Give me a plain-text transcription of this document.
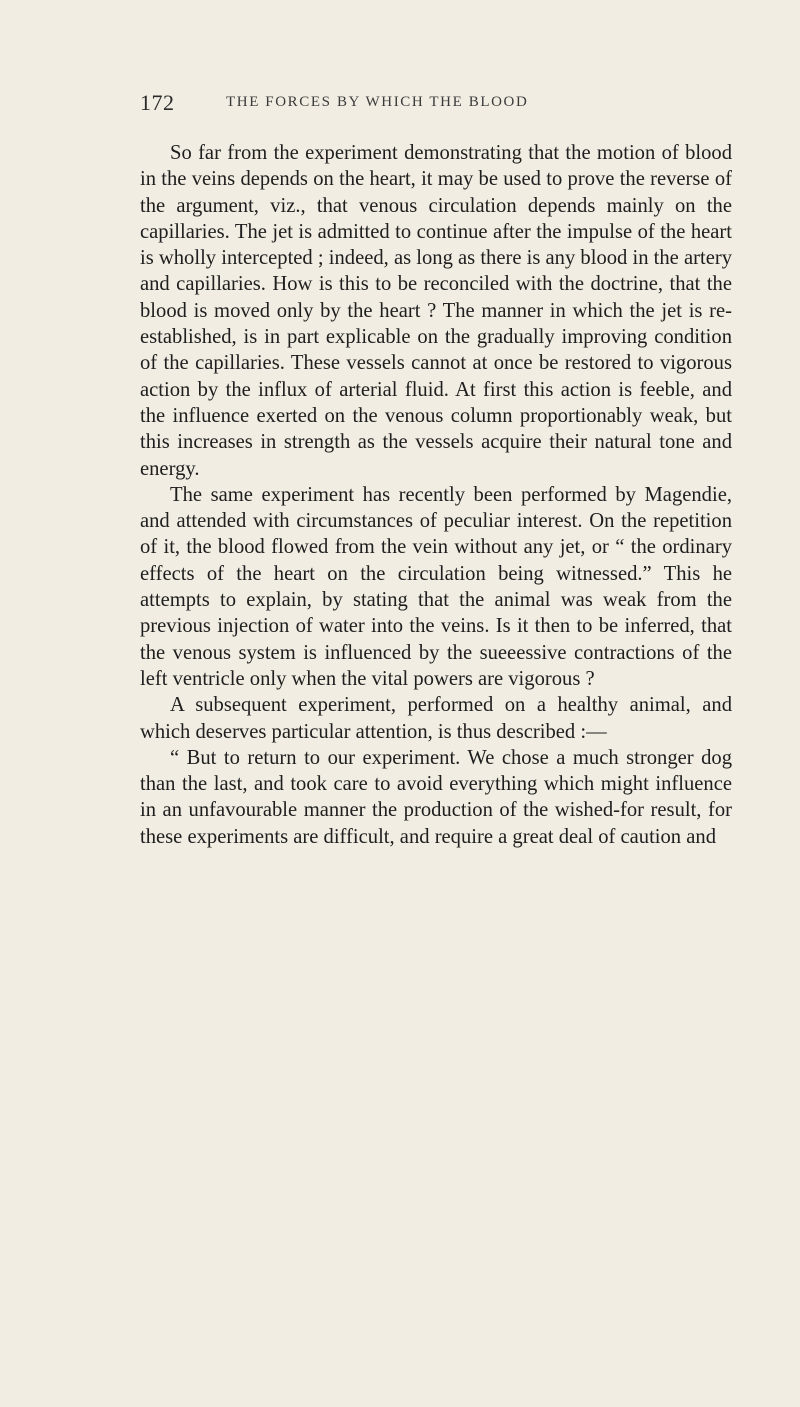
172	THE FORCES BY WHICH THE BLOOD

So far from the experiment demonstrating that the motion of blood in the veins depends on the heart, it may be used to prove the reverse of the argument, viz., that venous circulation depends mainly on the capillaries. The jet is admitted to continue after the impulse of the heart is wholly intercepted ; indeed, as long as there is any blood in the artery and capillaries. How is this to be reconciled with the doctrine, that the blood is moved only by the heart ? The manner in which the jet is re-established, is in part explicable on the gradually improving condition of the capillaries. These vessels cannot at once be restored to vigorous action by the influx of arterial fluid. At first this action is feeble, and the influence exerted on the venous column proportionably weak, but this increases in strength as the vessels acquire their natural tone and energy.

The same experiment has recently been performed by Magendie, and attended with circumstances of peculiar interest. On the repetition of it, the blood flowed from the vein without any jet, or “ the ordinary effects of the heart on the circulation being witnessed.” This he attempts to explain, by stating that the animal was weak from the previous injection of water into the veins. Is it then to be inferred, that the venous system is influenced by the sueeessive contractions of the left ventricle only when the vital powers are vigorous ?

A subsequent experiment, performed on a healthy animal, and which deserves particular attention, is thus described :—

“ But to return to our experiment. We chose a much stronger dog than the last, and took care to avoid everything which might influence in an unfavourable manner the production of the wished-for result, for these experiments are difficult, and require a great deal of caution and
